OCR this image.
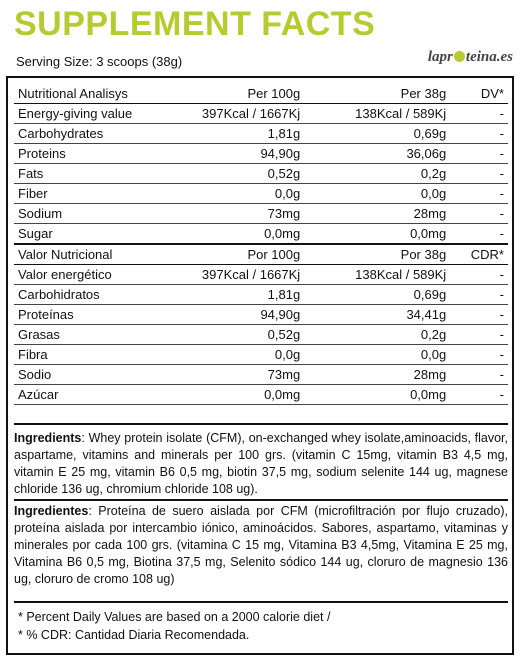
SUPPLEMENT FACTS
Serving Size: 3 scoops (38g)	lapr teina.es
Nutritional Analisys	Per 100g	Per 38g	DV*
Energy-giving value	397Kcal / 1667Kj	138Kcal / 589Kj	-
Carbohydrates	1,81g	0,69g	-
Proteins	94,90g	36,06g	-
Fats	0,52g	0,2g	-
Fiber	0,0g	0,0g	-
Sodium	73mg	28mg	-
Sugar	0,0mg	0,0mg	-
Valor Nutricional	Por 100g	Por 38g	CDR*
Valor energético	397Kcal / 1667Kj	138Kcal / 589Kj	-
Carbohidratos	1,81g	0,69g	-
Proteínas	94,90g	34,41g	-
Grasas	0,52g	0,2g	-
Fibra	0,0g	0,0g	-
Sodio	73mg	28mg	-
Azúcar	0,0mg	0,0mg	-
Ingredients: Whey protein isolate (CFM), on-exchanged whey isolate,aminoacids, flavor, aspartame, vitamins and minerals per 100 grs. (vitamin C 15mg, vitamin B3 4,5 mg, vitamin E 25 mg, vitamin B6 0,5 mg, biotin 37,5 mg, sodium selenite 144 ug, magnese chloride 136 ug, chromium chloride 108 ug).
Ingredientes: Proteína de suero aislada por CFM (microfiltración por flujo cruzado), proteína aislada por intercambio iónico, aminoácidos. Sabores, aspartamo, vitaminas y minerales por cada 100 grs. (vitamina C 15 mg, Vitamina B3 4,5mg, Vitamina E 25 mg, Vitamina B6 0,5 mg, Biotina 37,5 mg, Selenito sódico 144 ug, cloruro de magnesio 136 ug, cloruro de cromo 108 ug)
* Percent Daily Values are based on a 2000 calorie diet /
* % CDR: Cantidad Diaria Recomendada.
